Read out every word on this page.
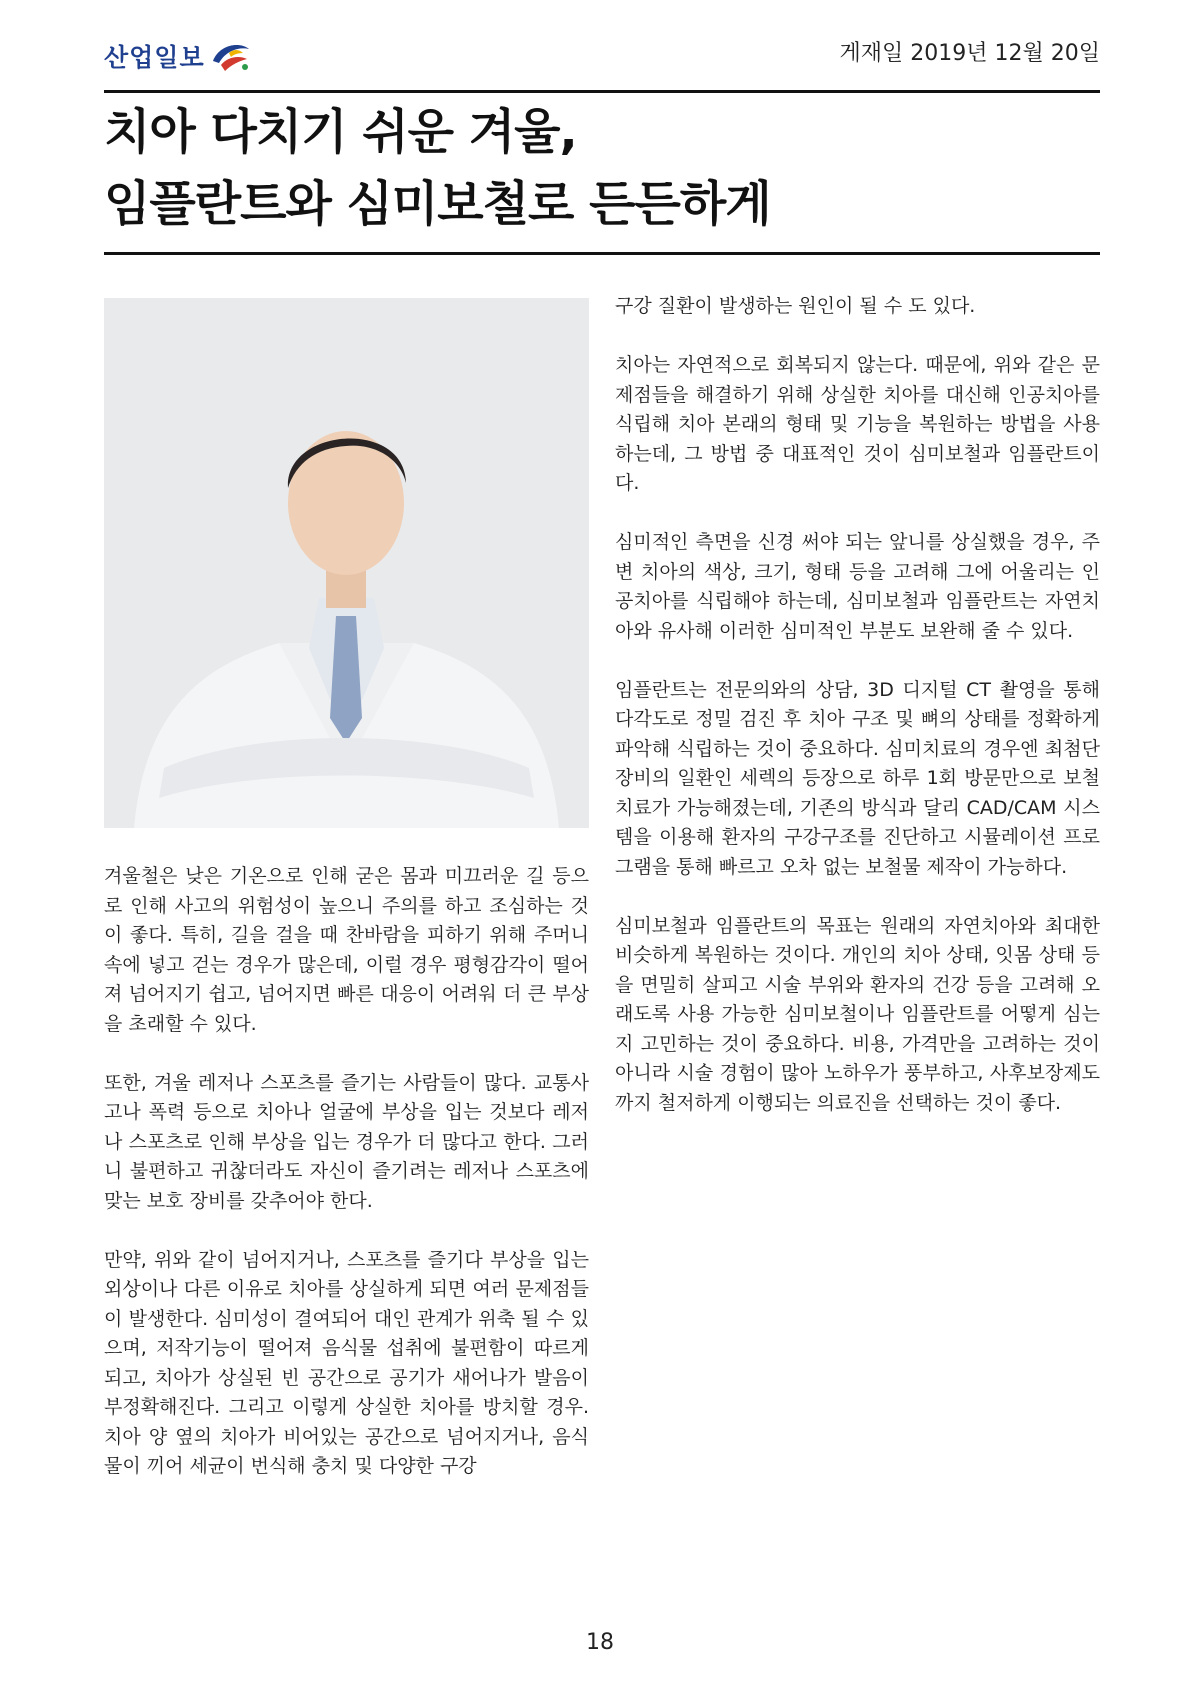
산업일보	게재일 2019년 12월 20일
치아 다치기 쉬운 겨울,
임플란트와 심미보철로 든든하게

겨울철은 낮은 기온으로 인해 굳은 몸과 미끄러운 길 등으로 인해 사고의 위험성이 높으니 주의를 하고 조심하는 것이 좋다. 특히, 길을 걸을 때 찬바람을 피하기 위해 주머니 속에 넣고 걷는 경우가 많은데, 이럴 경우 평형감각이 떨어져 넘어지기 쉽고, 넘어지면 빠른 대응이 어려워 더 큰 부상을 초래할 수 있다.

또한, 겨울 레저나 스포츠를 즐기는 사람들이 많다. 교통사고나 폭력 등으로 치아나 얼굴에 부상을 입는 것보다 레저나 스포츠로 인해 부상을 입는 경우가 더 많다고 한다. 그러니 불편하고 귀찮더라도 자신이 즐기려는 레저나 스포츠에 맞는 보호 장비를 갖추어야 한다.

만약, 위와 같이 넘어지거나, 스포츠를 즐기다 부상을 입는 외상이나 다른 이유로 치아를 상실하게 되면 여러 문제점들이 발생한다. 심미성이 결여되어 대인 관계가 위축 될 수 있으며, 저작기능이 떨어져 음식물 섭취에 불편함이 따르게 되고, 치아가 상실된 빈 공간으로 공기가 새어나가 발음이 부정확해진다. 그리고 이렇게 상실한 치아를 방치할 경우. 치아 양 옆의 치아가 비어있는 공간으로 넘어지거나, 음식물이 끼어 세균이 번식해 충치 및 다양한 구강

구강 질환이 발생하는 원인이 될 수 도 있다.

치아는 자연적으로 회복되지 않는다. 때문에, 위와 같은 문제점들을 해결하기 위해 상실한 치아를 대신해 인공치아를 식립해 치아 본래의 형태 및 기능을 복원하는 방법을 사용하는데, 그 방법 중 대표적인 것이 심미보철과 임플란트이다.

심미적인 측면을 신경 써야 되는 앞니를 상실했을 경우, 주변 치아의 색상, 크기, 형태 등을 고려해 그에 어울리는 인공치아를 식립해야 하는데, 심미보철과 임플란트는 자연치아와 유사해 이러한 심미적인 부분도 보완해 줄 수 있다.

임플란트는 전문의와의 상담, 3D 디지털 CT 촬영을 통해 다각도로 정밀 검진 후 치아 구조 및 뼈의 상태를 정확하게 파악해 식립하는 것이 중요하다. 심미치료의 경우엔 최첨단 장비의 일환인 세렉의 등장으로 하루 1회 방문만으로 보철치료가 가능해졌는데, 기존의 방식과 달리 CAD/CAM 시스템을 이용해 환자의 구강구조를 진단하고 시뮬레이션 프로그램을 통해 빠르고 오차 없는 보철물 제작이 가능하다.

심미보철과 임플란트의 목표는 원래의 자연치아와 최대한 비슷하게 복원하는 것이다. 개인의 치아 상태, 잇몸 상태 등을 면밀히 살피고 시술 부위와 환자의 건강 등을 고려해 오래도록 사용 가능한 심미보철이나 임플란트를 어떻게 심는지 고민하는 것이 중요하다. 비용, 가격만을 고려하는 것이 아니라 시술 경험이 많아 노하우가 풍부하고, 사후보장제도까지 철저하게 이행되는 의료진을 선택하는 것이 좋다.

18
